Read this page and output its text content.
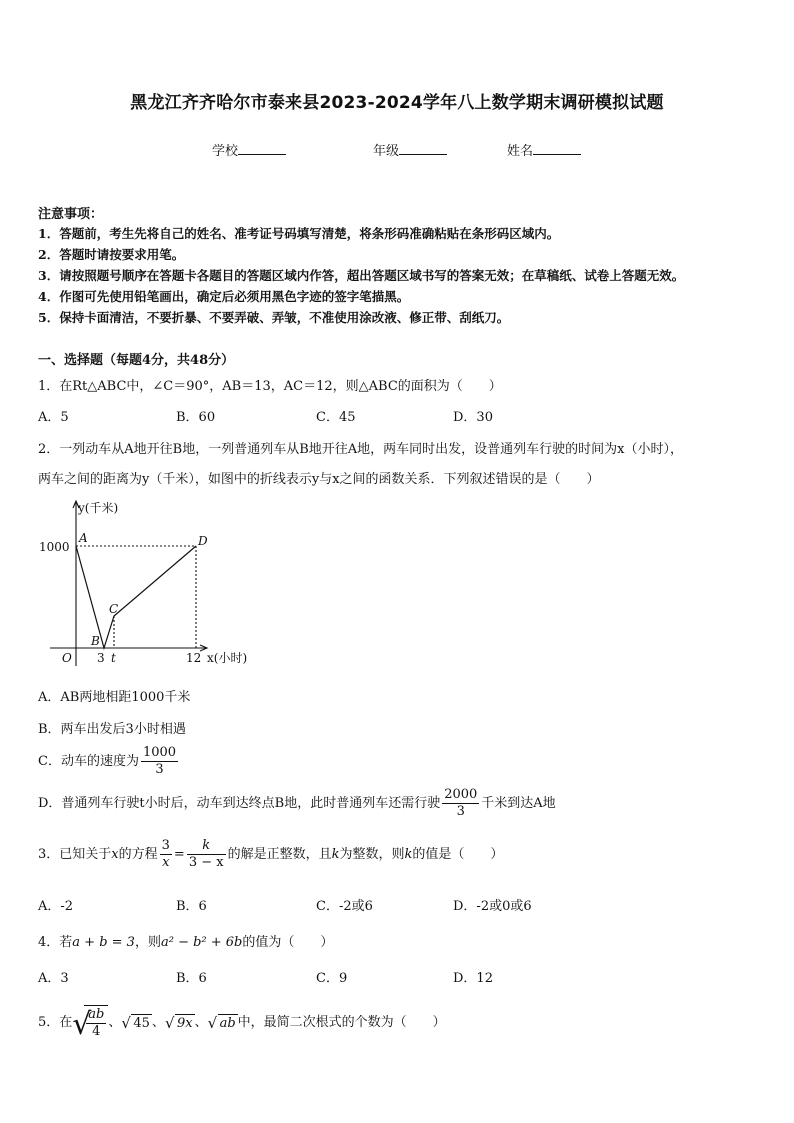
黑龙江齐齐哈尔市泰来县2023-2024学年八上数学期末调研模拟试题
学校	年级	姓名
注意事项：
1．答题前，考生先将自己的姓名、准考证号码填写清楚，将条形码准确粘贴在条形码区域内。
2．答题时请按要求用笔。
3．请按照题号顺序在答题卡各题目的答题区域内作答，超出答题区域书写的答案无效；在草稿纸、试卷上答题无效。
4．作图可先使用铅笔画出，确定后必须用黑色字迹的签字笔描黑。
5．保持卡面清洁，不要折暴、不要弄破、弄皱，不准使用涂改液、修正带、刮纸刀。
一、选择题（每题4分，共48分）
1．在Rt△ABC中，∠C＝90°，AB＝13，AC＝12，则△ABC的面积为（　　）
A．5	B．60	C．45	D．30
2．一列动车从A地开往B地，一列普通列车从B地开往A地，两车同时出发，设普通列车行驶的时间为x（小时），
两车之间的距离为y（千米），如图中的折线表示y与x之间的函数关系．下列叙述错误的是（　　）
y(千米)
1000
A	D
C
B
O 3 t	12 x(小时)
A．AB两地相距1000千米
B．两车出发后3小时相遇
C．动车的速度为 $\frac{1000}{3}$
D．普通列车行驶t小时后，动车到达终点B地，此时普通列车还需行驶 $\frac{2000}{3}$ 千米到达A地
3．已知关于x的方程 $\frac{3}{x} = \frac{k}{3 - x}$ 的解是正整数，且k为整数，则k的值是（　　）
A．-2	B．6	C．-2或6	D．-2或0或6
4．若a + b = 3，则a² − b² + 6b的值为（　　）
A．3	B．6	C．9	D．12
5．在 √
$\frac{ab}{4}$ 、 √ 45 、 √ 9x 、 √ ab 中，最简二次根式的个数为（　　）
